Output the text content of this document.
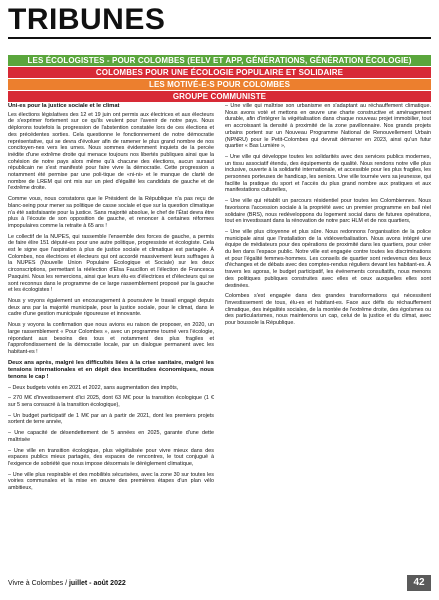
TRIBUNES
LES ÉCOLOGISTES - POUR COLOMBES (EELV ET APP, GÉNÉRATIONS, GÉNÉRATION ÉCOLOGIE)
COLOMBES POUR UNE ÉCOLOGIE POPULAIRE ET SOLIDAIRE
LES MOTIVÉ-E-S POUR COLOMBES
GROUPE COMMUNISTE

Uni-es pour la justice sociale et le climat

Les élections législatives des 12 et 19 juin ont permis aux électrices et aux électeurs de s'exprimer fortement sur ce qu'ils veulent pour l'avenir de notre pays. Nous déplorons toutefois la progression de l'abstention constatée lors de ces élections et des précédentes sorties. Cela questionne le fonctionnement de notre démocratie représentative, qui se devra d'évoluer afin de ramener le plus grand nombre de nos concitoyen-nes vers les urnes. Nous sommes évidemment inquiets de la percée inédite d'une extrême droite qui menace toujours nos libertés publiques ainsi que la cohésion de notre pays alors même qu'à chacune des élections, aucun sursaut républicain ne s'est manifesté pour faire vivre la démocratie. Cette progression a notamment été permise par une poli-tique de «ni-ni» et le manque de clarté de nombre de LREM qui ont mis sur un pied d'égalité les candidats de gauche et de l'extrême droite.

Comme vous, nous constatons que le Président de la République n'a pas reçu de blanc-seing pour mener sa politique de casse sociale et que sur la question climatique n'a été satisfaisante pour la justice. Sans majorité absolue, le chef de l'État devra être plus à l'écoute de son opposition de gauche, et renoncer à certaines réformes impopulaires comme la retraite à 65 ans !

Le collectif de la NUPES, qui rassemble l'ensemble des forces de gauche, a permis de faire élire 151 député-es pour une autre politique, progressiste et écologiste. Cela est le signe que l'aspiration à plus de justice sociale et climatique est partagée. À Colombes, nos électrices et électeurs qui ont accordé massivement leurs suffrages à la NUPES (Nouvelle Union Populaire Écologique et Sociale) sur les deux circonscriptions, permettant la réélection d'Elsa Faucillon et l'élection de Francesca Pasquini. Nous les remercions, ainsi que leurs élu·es d'électrices et d'électeurs qui se sont reconnus dans le programme de ce large rassemblement proposé par la gauche et les écologistes !

Nous y voyons également un encouragement à poursuivre le travail engagé depuis deux ans par la majorité municipale, pour la justice sociale, pour le climat, dans le cadre d'une gestion municipale rigoureuse et innovante.

Nous y voyons la confirmation que nous avions eu raison de proposer, en 2020, un large rassemblement « Pour Colombes », avec un programme tourné vers l'écologie, répondant aux besoins des tous et notamment des plus fragiles et l'approfondissement de la démocratie locale, par un dialogue permanent avec les habitant-es !

Deux ans après, malgré les difficultés liées à la crise sanitaire, malgré les tensions internationales et en dépit des incertitudes économiques, nous tenons le cap !

– Deux budgets votés en 2021 et 2022, sans augmentation des impôts,
– 270 M€ d'investissement d'ici 2025, dont 63 M€ pour la transition écologique (1 € sur 5 sera consacré à la transition écologique),
– Un budget participatif de 1 M€ par an à partir de 2021, dont les premiers projets sortent de terre année,
– Une capacité de désendettement de 5 années en 2025, garante d'une dette maîtrisée
– Une ville en transition écologique, plus végétalisée pour vivre mieux dans des espaces publics mieux partagés, des espaces de rencontres, le tout conjugué à l'exigence de sobriété que nous impose désormais le dérèglement climatique,
– Une ville plus respirable et des mobilités sécurisées, avec la zone 30 sur toutes les voiries communales et la mise en œuvre des premières étapes d'un plan vélo ambitieux,
– Une ville qui maîtrise son urbanisme en s'adaptant au réchauffement climatique. Nous avons voté et mettons en œuvre une charte constructive et aménagement durable, afin d'intégrer la végétalisation dans chaque nouveau projet immobilier, tout en accroissant la densité à proximité de la zone pavillonnaire. Nos grands projets urbains portent sur un Nouveau Programme National de Renouvellement Urbain (NPNRU) pour le Petit-Colombes qui devrait démarrer en 2023, ainsi qu'un futur quartier « Bas Lumière »,
– Une ville qui développe toutes les solidarités avec des services publics modernes, un tissu associatif étendu, des équipements de qualité. Nous rendons notre ville plus inclusive, ouverte à la solidarité internationale, et accessible pour les plus fragiles, les personnes porteuses de handicap, les seniors. Une ville tournée vers sa jeunesse, qui facilite la pratique du sport et l'accès du plus grand nombre aux pratiques et aux manifestations culturelles,
– Une ville qui rétablit un parcours résidentiel pour toutes les Colombiennes. Nous favorisons l'accession sociale à la propriété avec un premier programme en bail réel solidaire (BRS), nous redéveloppons du logement social dans de futures opérations, tout en investissant dans la rénovation de notre parc HLM et de nos quartiers,
– Une ville plus citoyenne et plus sûre. Nous redonnons l'organisation de la police municipale ainsi que l'installation de la vidéoverbalisation. Nous avons intégré une équipe de médiateurs pour des opérations de proximité dans les quartiers, pour créer du lien dans l'espace public. Notre ville est engagée contre toutes les discriminations et pour l'égalité femmes-hommes. Les conseils de quartier sont redevenus des lieux d'échanges et de débats avec des comptes-rendus réguliers devant les habitant-es. À travers les agoras, le budget participatif, les événements consultatifs, nous menons des politiques publiques construites avec elles et ceux auxquelles elles sont destinées.

Colombes s'est engagée dans des grandes transformations qui nécessitent l'investissement de tous, élu-es et habitant-es. Face aux défis du réchauffement climatique, des inégalités sociales, de la montée de l'extrême droite, des égoïsmes ou des particularismes, nous maintenons un cap, celui de la justice et du climat, avec pour boussole la République.

Vivre à Colombes / juillet - août 2022	42
